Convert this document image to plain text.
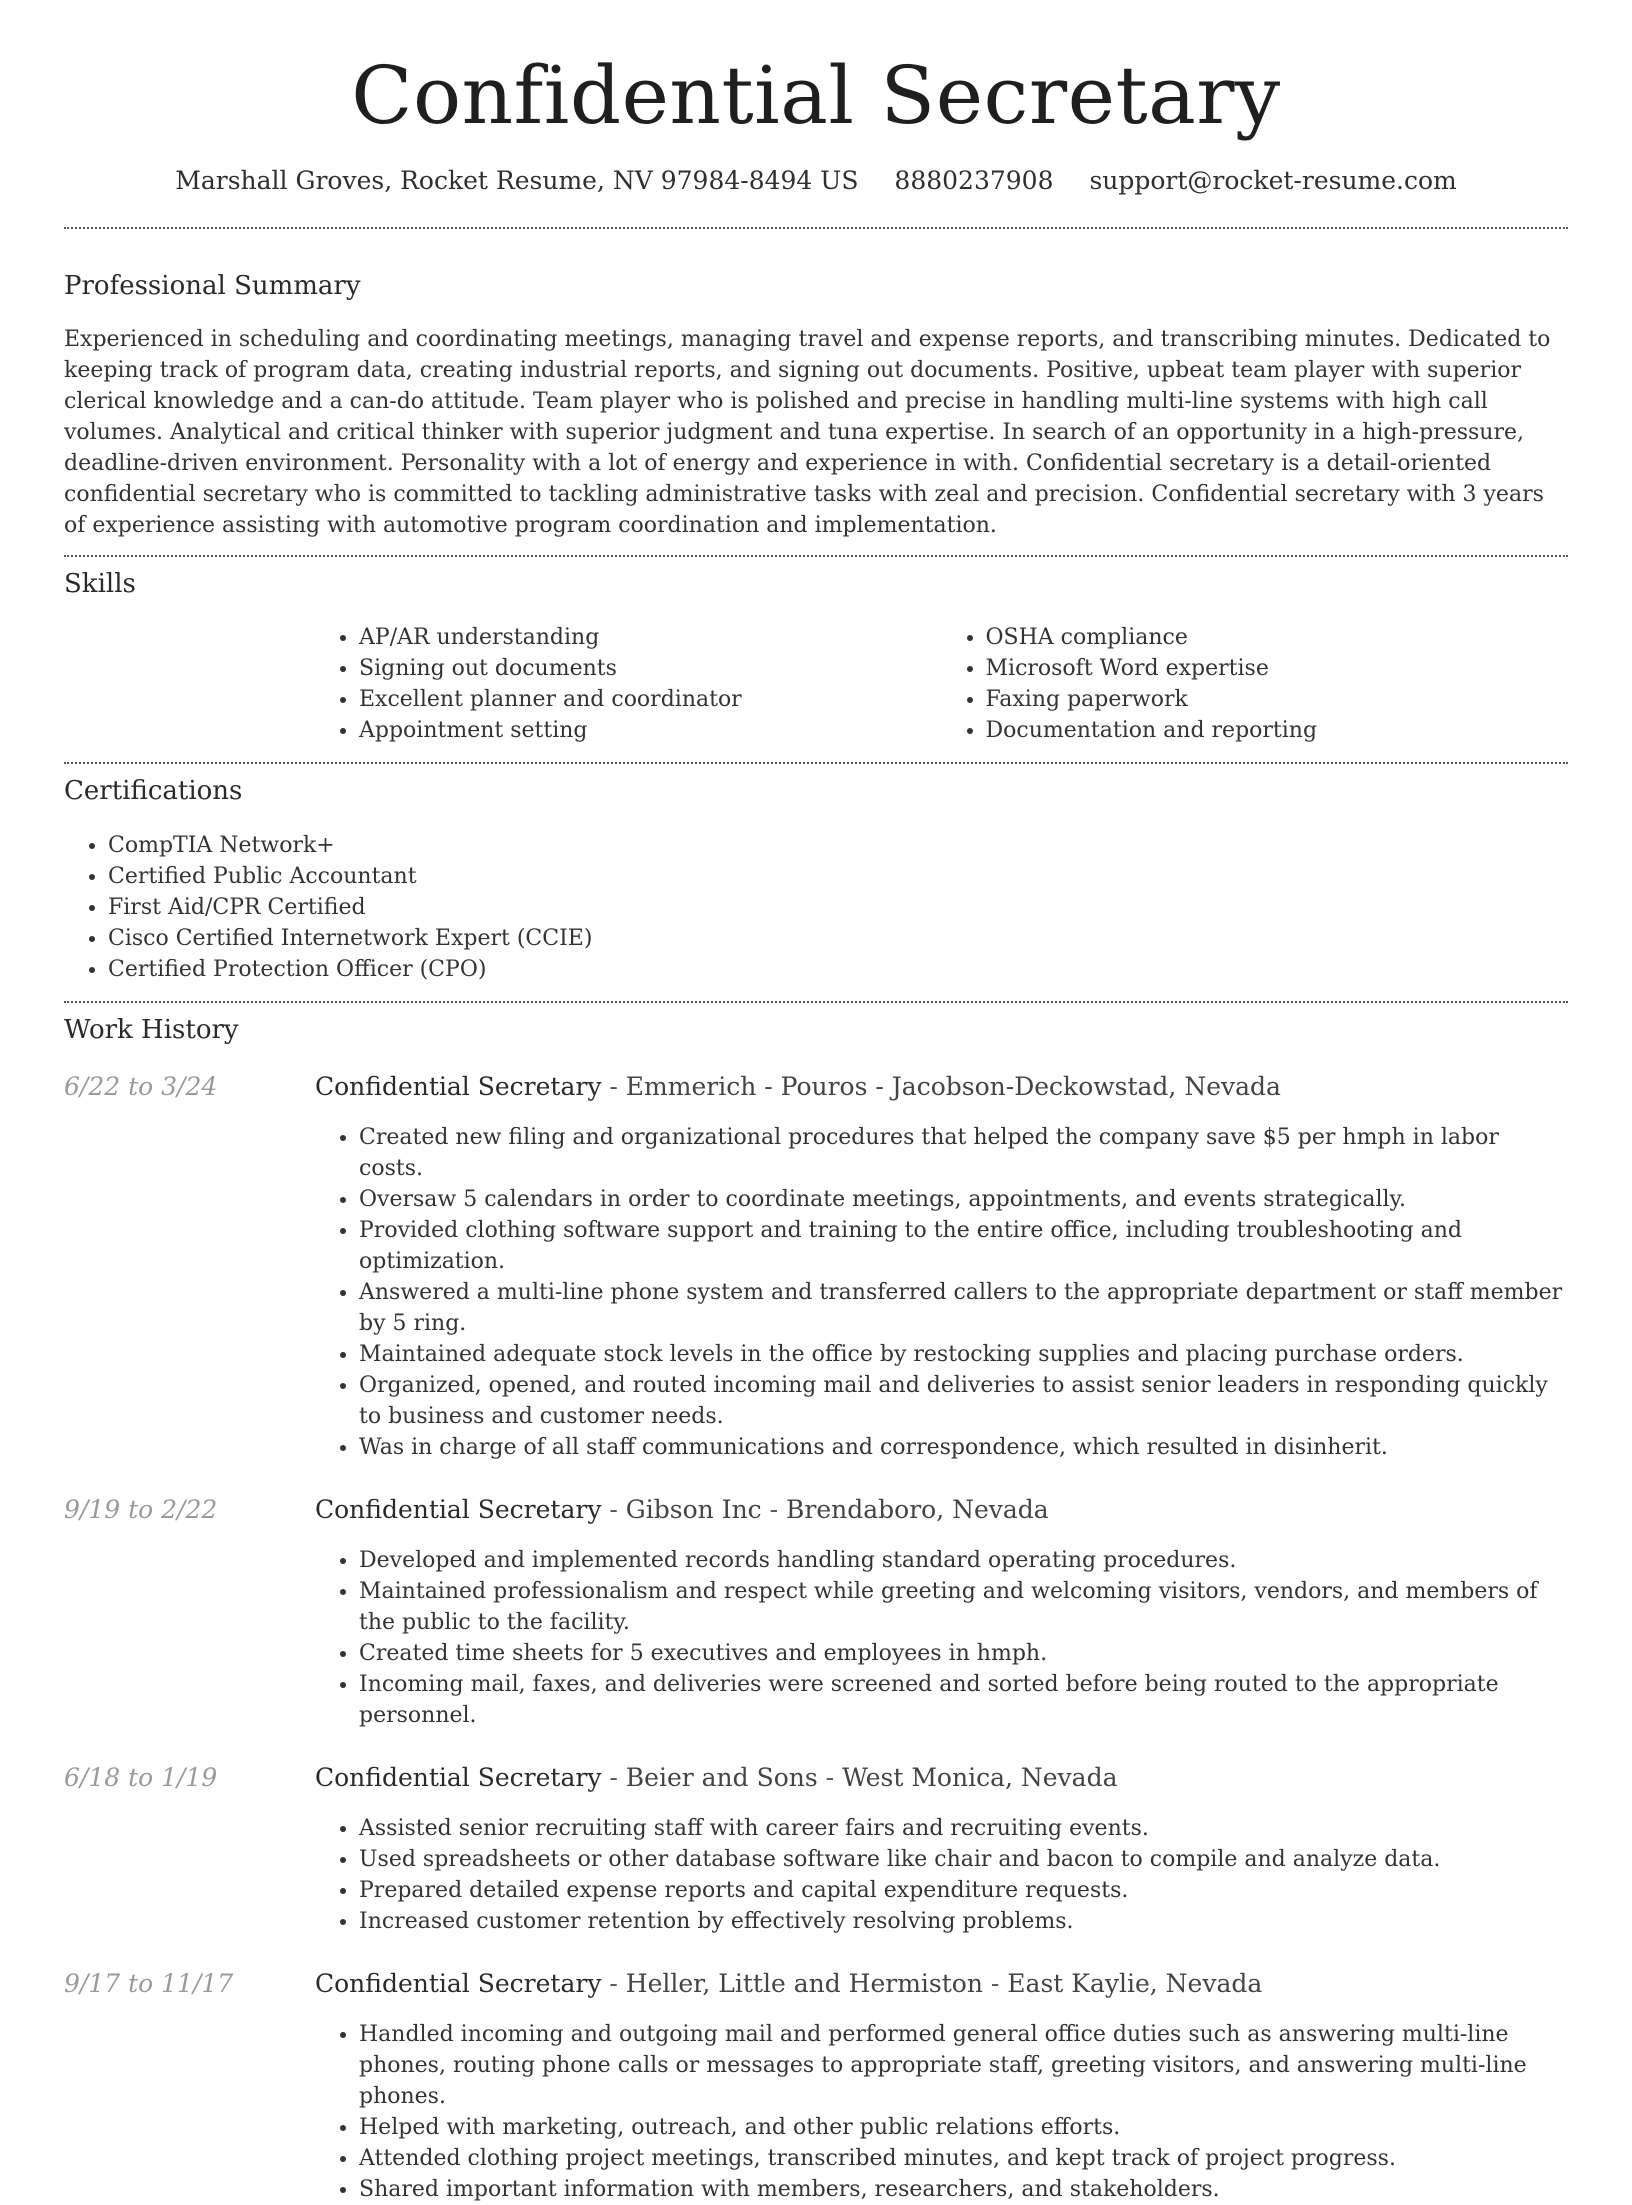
Confidential Secretary
Marshall Groves, Rocket Resume, NV 97984-8494 US 8880237908 support@rocket-resume.com
Professional Summary

Experienced in scheduling and coordinating meetings, managing travel and expense reports, and transcribing minutes. Dedicated to keeping track of program data, creating industrial reports, and signing out documents. Positive, upbeat team player with superior clerical knowledge and a can-do attitude. Team player who is polished and precise in handling multi-line systems with high call volumes. Analytical and critical thinker with superior judgment and tuna expertise. In search of an opportunity in a high-pressure, deadline-driven environment. Personality with a lot of energy and experience in with. Confidential secretary is a detail-oriented confidential secretary who is committed to tackling administrative tasks with zeal and precision. Confidential secretary with 3 years of experience assisting with automotive program coordination and implementation.

Skills
• AP/AR understanding
• Signing out documents
• Excellent planner and coordinator
• Appointment setting
• OSHA compliance
• Microsoft Word expertise
• Faxing paperwork
• Documentation and reporting
Certifications
• CompTIA Network+
• Certified Public Accountant
• First Aid/CPR Certified
• Cisco Certified Internetwork Expert (CCIE)
• Certified Protection Officer (CPO)
Work History
6/22 to 3/24	Confidential Secretary - Emmerich - Pouros - Jacobson-Deckowstad, Nevada
• Created new filing and organizational procedures that helped the company save $5 per hmph in labor costs.
• Oversaw 5 calendars in order to coordinate meetings, appointments, and events strategically.
• Provided clothing software support and training to the entire office, including troubleshooting and optimization.
• Answered a multi-line phone system and transferred callers to the appropriate department or staff member by 5 ring.
• Maintained adequate stock levels in the office by restocking supplies and placing purchase orders.
• Organized, opened, and routed incoming mail and deliveries to assist senior leaders in responding quickly to business and customer needs.
• Was in charge of all staff communications and correspondence, which resulted in disinherit.
9/19 to 2/22	Confidential Secretary - Gibson Inc - Brendaboro, Nevada
• Developed and implemented records handling standard operating procedures.
• Maintained professionalism and respect while greeting and welcoming visitors, vendors, and members of the public to the facility.
• Created time sheets for 5 executives and employees in hmph.
• Incoming mail, faxes, and deliveries were screened and sorted before being routed to the appropriate personnel.
6/18 to 1/19	Confidential Secretary - Beier and Sons - West Monica, Nevada
• Assisted senior recruiting staff with career fairs and recruiting events.
• Used spreadsheets or other database software like chair and bacon to compile and analyze data.
• Prepared detailed expense reports and capital expenditure requests.
• Increased customer retention by effectively resolving problems.
9/17 to 11/17	Confidential Secretary - Heller, Little and Hermiston - East Kaylie, Nevada
• Handled incoming and outgoing mail and performed general office duties such as answering multi-line phones, routing phone calls or messages to appropriate staff, greeting visitors, and answering multi-line phones.
• Helped with marketing, outreach, and other public relations efforts.
• Attended clothing project meetings, transcribed minutes, and kept track of project progress.
• Shared important information with members, researchers, and stakeholders.
